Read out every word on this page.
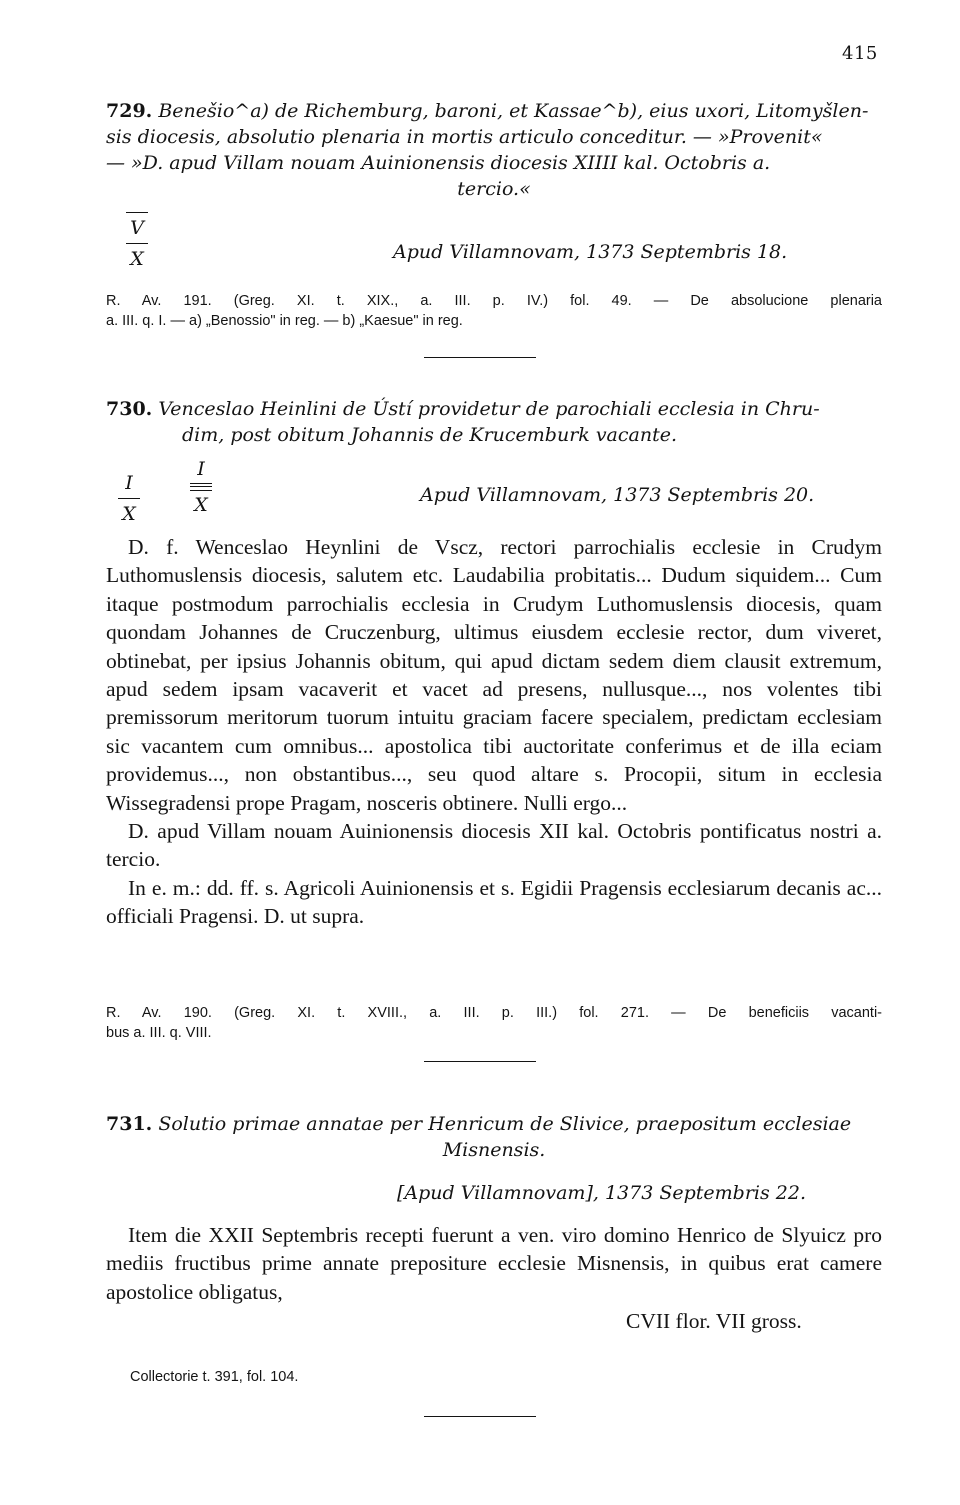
415
729. Benešio^a) de Richemburg, baroni, et Kassae^b), eius uxori, Litomyšlen-
sis diocesis, absolutio plenaria in mortis articulo conceditur. — »Provenit«
— »D. apud Villam nouam Auinionensis diocesis XIIII kal. Octobris a.
tercio.«
V
X	Apud Villamnovam, 1373 Septembris 18.
R. Av. 191. (Greg. XI. t. XIX., a. III. p. IV.) fol. 49. — De absolucione plenaria
a. III. q. I. — a) „Benossio" in reg. — b) „Kaesue" in reg.
730. Venceslao Heinlini de Ústí providetur de parochiali ecclesia in Chru-
dim, post obitum Johannis de Krucemburk vacante.
I
X
I
X	Apud Villamnovam, 1373 Septembris 20.

D. f. Wenceslao Heynlini de Vscz, rectori parrochialis ecclesie in Crudym Luthomuslensis diocesis, salutem etc. Laudabilia probitatis... Dudum siquidem... Cum itaque postmodum parrochialis ecclesia in Crudym Luthomuslensis diocesis, quam quondam Johannes de Cruczenburg, ultimus eiusdem ecclesie rector, dum viveret, obtinebat, per ipsius Johannis obitum, qui apud dictam sedem diem clausit extremum, apud sedem ipsam vacaverit et vacet ad presens, nullusque..., nos volentes tibi premissorum meritorum tuorum intuitu graciam facere specialem, predictam ecclesiam sic vacantem cum omnibus... apostolica tibi auctoritate conferimus et de illa eciam providemus..., non obstantibus..., seu quod altare s. Procopii, situm in ecclesia Wissegradensi prope Pragam, nosceris obtinere. Nulli ergo...

D. apud Villam nouam Auinionensis diocesis XII kal. Octobris pontificatus nostri a. tercio.

In e. m.: dd. ff. s. Agricoli Auinionensis et s. Egidii Pragensis ecclesiarum decanis ac... officiali Pragensi. D. ut supra.

R. Av. 190. (Greg. XI. t. XVIII., a. III. p. III.) fol. 271. — De beneficiis vacanti-
bus a. III. q. VIII.
731. Solutio primae annatae per Henricum de Slivice, praepositum ecclesiae
Misnensis.
[Apud Villamnovam], 1373 Septembris 22.
Item die XXII Septembris recepti fuerunt a ven. viro domino Henrico de Slyuicz pro mediis fructibus prime annate prepositure ecclesie Misnensis, in quibus erat camere apostolice obligatus,
CVII flor. VII gross.
Collectorie t. 391, fol. 104.
